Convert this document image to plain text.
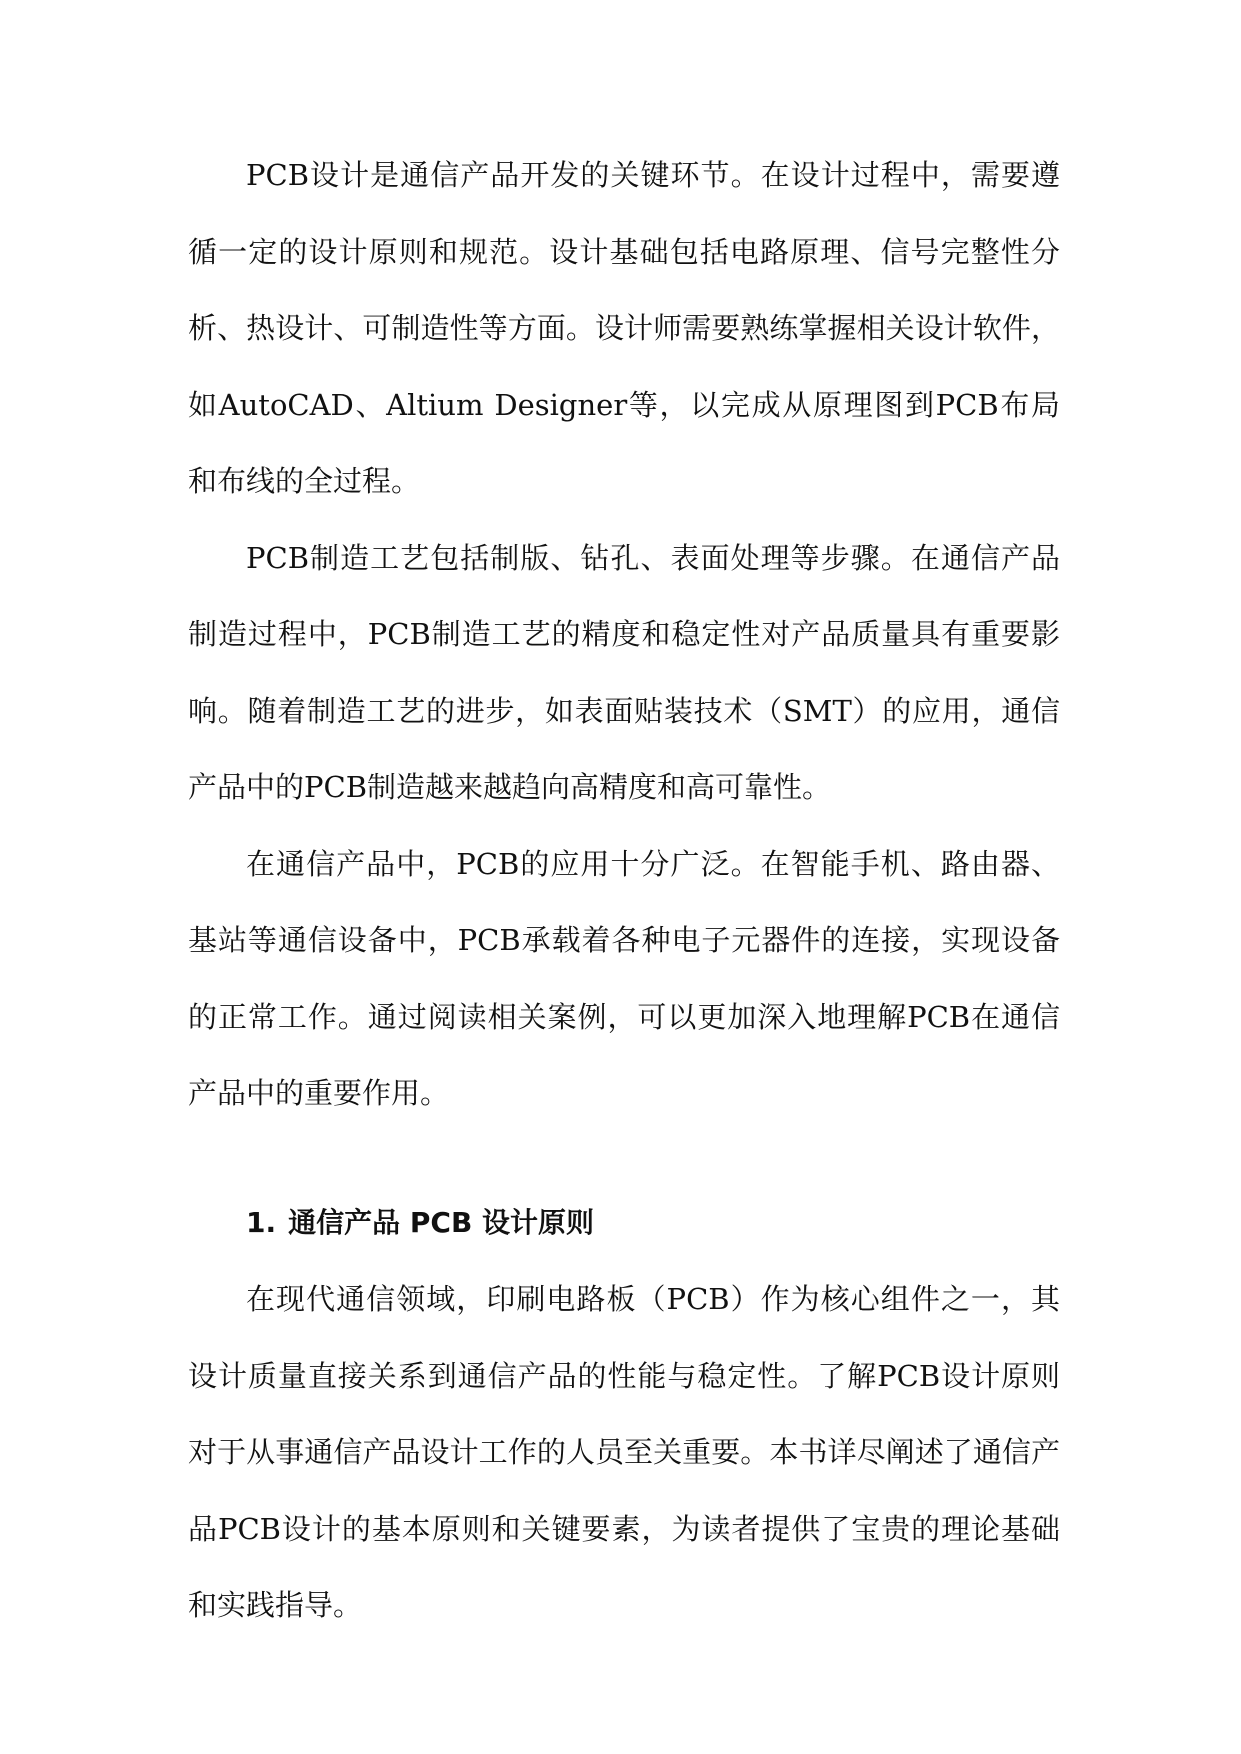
PCB设计是通信产品开发的关键环节。在设计过程中，需要遵循一定的设计原则和规范。设计基础包括电路原理、信号完整性分析、热设计、可制造性等方面。设计师需要熟练掌握相关设计软件，如AutoCAD、Altium Designer等，以完成从原理图到PCB布局和布线的全过程。

PCB制造工艺包括制版、钻孔、表面处理等步骤。在通信产品制造过程中，PCB制造工艺的精度和稳定性对产品质量具有重要影响。随着制造工艺的进步，如表面贴装技术（SMT）的应用，通信产品中的PCB制造越来越趋向高精度和高可靠性。

在通信产品中，PCB的应用十分广泛。在智能手机、路由器、基站等通信设备中，PCB承载着各种电子元器件的连接，实现设备的正常工作。通过阅读相关案例，可以更加深入地理解PCB在通信产品中的重要作用。

1. 通信产品 PCB 设计原则

在现代通信领域，印刷电路板（PCB）作为核心组件之一，其设计质量直接关系到通信产品的性能与稳定性。了解PCB设计原则对于从事通信产品设计工作的人员至关重要。本书详尽阐述了通信产品PCB设计的基本原则和关键要素，为读者提供了宝贵的理论基础和实践指导。
